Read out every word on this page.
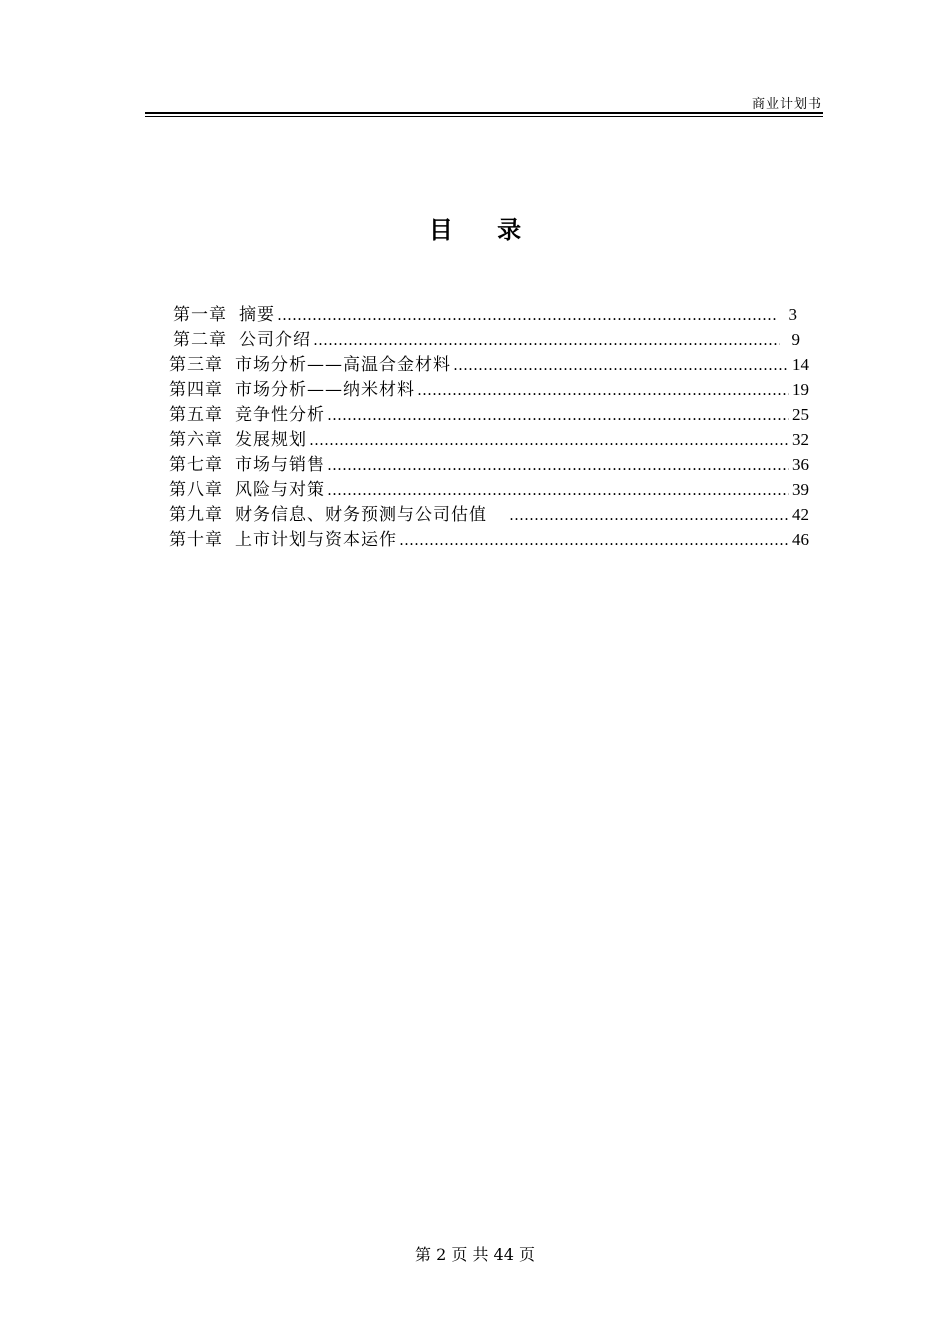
商业计划书
目 录
第一章 摘要 …………………………………………………………………………………………………………………………………………	3
第二章 公司介绍 …………………………………………………………………………………………………………………………………………	9
第三章 市场分析——高温合金材料 …………………………………………………………………………………………………………………………………………	14
第四章 市场分析——纳米材料 …………………………………………………………………………………………………………………………………………	19
第五章 竞争性分析 …………………………………………………………………………………………………………………………………………	25
第六章 发展规划 …………………………………………………………………………………………………………………………………………	32
第七章 市场与销售 …………………………………………………………………………………………………………………………………………	36
第八章 风险与对策 …………………………………………………………………………………………………………………………………………	39
第九章 财务信息、财务预测与公司估值 …………………………………………………………………………………………………………………………………………	42
第十章 上市计划与资本运作 …………………………………………………………………………………………………………………………………………	46
第 2 页 共 44 页
